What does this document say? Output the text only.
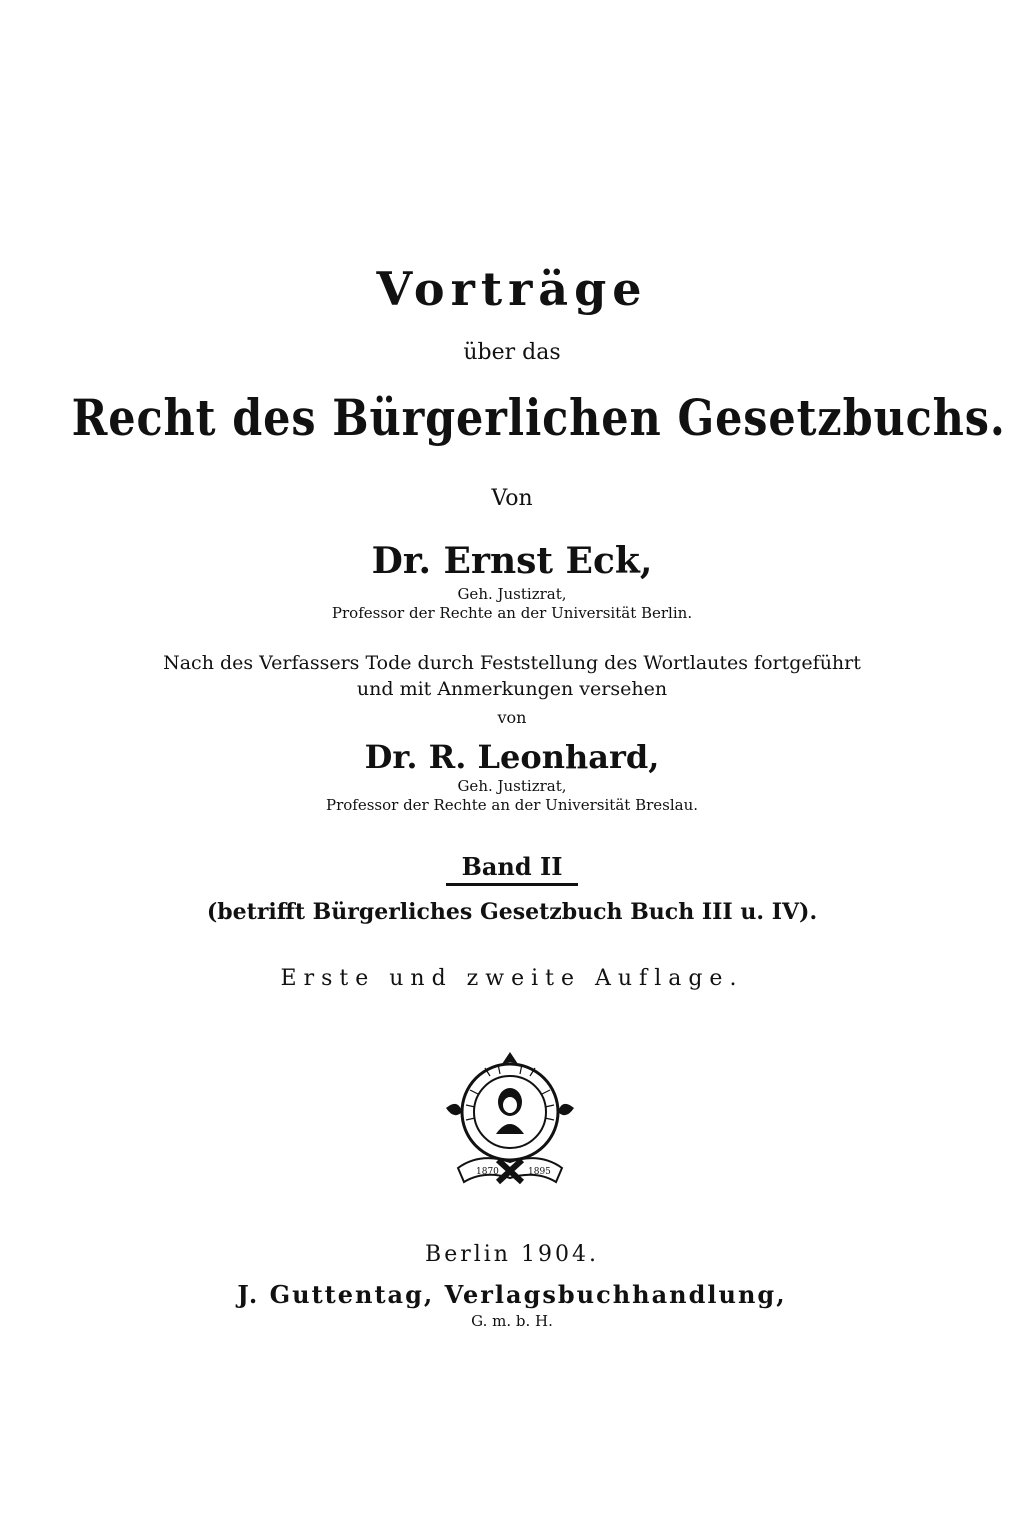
Vorträge
über das
Recht des Bürgerlichen Gesetzbuchs.
Von
Dr. Ernst Eck,
Geh. Justizrat,
Professor der Rechte an der Universität Berlin.
Nach des Verfassers Tode durch Feststellung des Wortlautes fortgeführt
und mit Anmerkungen versehen
von
Dr. R. Leonhard,
Geh. Justizrat,
Professor der Rechte an der Universität Breslau.
Band II
(betrifft Bürgerliches Gesetzbuch Buch III u. IV).
Erste und zweite Auflage.
1870	1895
Berlin 1904.
J. Guttentag, Verlagsbuchhandlung,
G. m. b. H.
